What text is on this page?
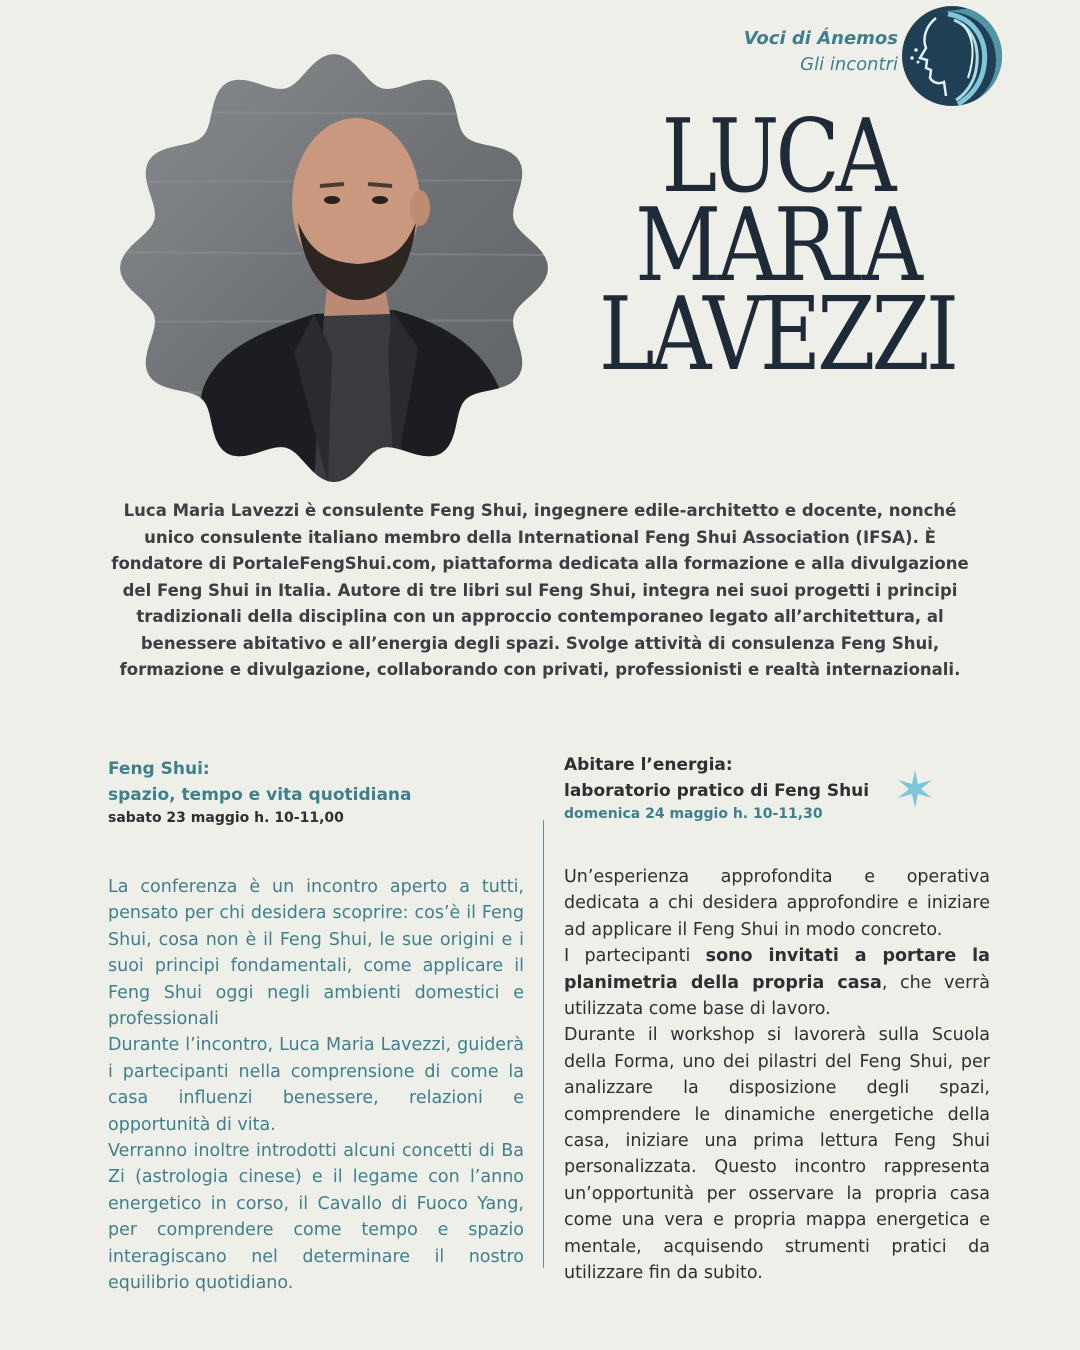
Voci di Ánemos
Gli incontri
LUCA
MARIA
LAVEZZI
Luca Maria Lavezzi è consulente Feng Shui, ingegnere edile-architetto e docente, nonché unico consulente italiano membro della International Feng Shui Association (IFSA). È fondatore di PortaleFengShui.com, piattaforma dedicata alla formazione e alla divulgazione del Feng Shui in Italia. Autore di tre libri sul Feng Shui, integra nei suoi progetti i principi tradizionali della disciplina con un approccio contemporaneo legato all’architettura, al benessere abitativo e all’energia degli spazi. Svolge attività di consulenza Feng Shui, formazione e divulgazione, collaborando con privati, professionisti e realtà internazionali.
Feng Shui:
spazio, tempo e vita quotidiana
sabato 23 maggio h. 10-11,00

La conferenza è un incontro aperto a tutti, pensato per chi desidera scoprire: cos’è il Feng Shui, cosa non è il Feng Shui, le sue origini e i suoi principi fondamentali, come applicare il Feng Shui oggi negli ambienti domestici e professionali

Durante l’incontro, Luca Maria Lavezzi, guiderà i partecipanti nella comprensione di come la casa influenzi benessere, relazioni e opportunità di vita.

Verranno inoltre introdotti alcuni concetti di Ba Zi (astrologia cinese) e il legame con l’anno energetico in corso, il Cavallo di Fuoco Yang, per comprendere come tempo e spazio interagiscano nel determinare il nostro equilibrio quotidiano.

Abitare l’energia:
laboratorio pratico di Feng Shui
domenica 24 maggio h. 10-11,30

Un’esperienza approfondita e operativa dedicata a chi desidera approfondire e iniziare ad applicare il Feng Shui in modo concreto.

I partecipanti sono invitati a portare la planimetria della propria casa, che verrà utilizzata come base di lavoro.

Durante il workshop si lavorerà sulla Scuola della Forma, uno dei pilastri del Feng Shui, per analizzare la disposizione degli spazi, comprendere le dinamiche energetiche della casa, iniziare una prima lettura Feng Shui personalizzata. Questo incontro rappresenta un’opportunità per osservare la propria casa come una vera e propria mappa energetica e mentale, acquisendo strumenti pratici da utilizzare fin da subito.
